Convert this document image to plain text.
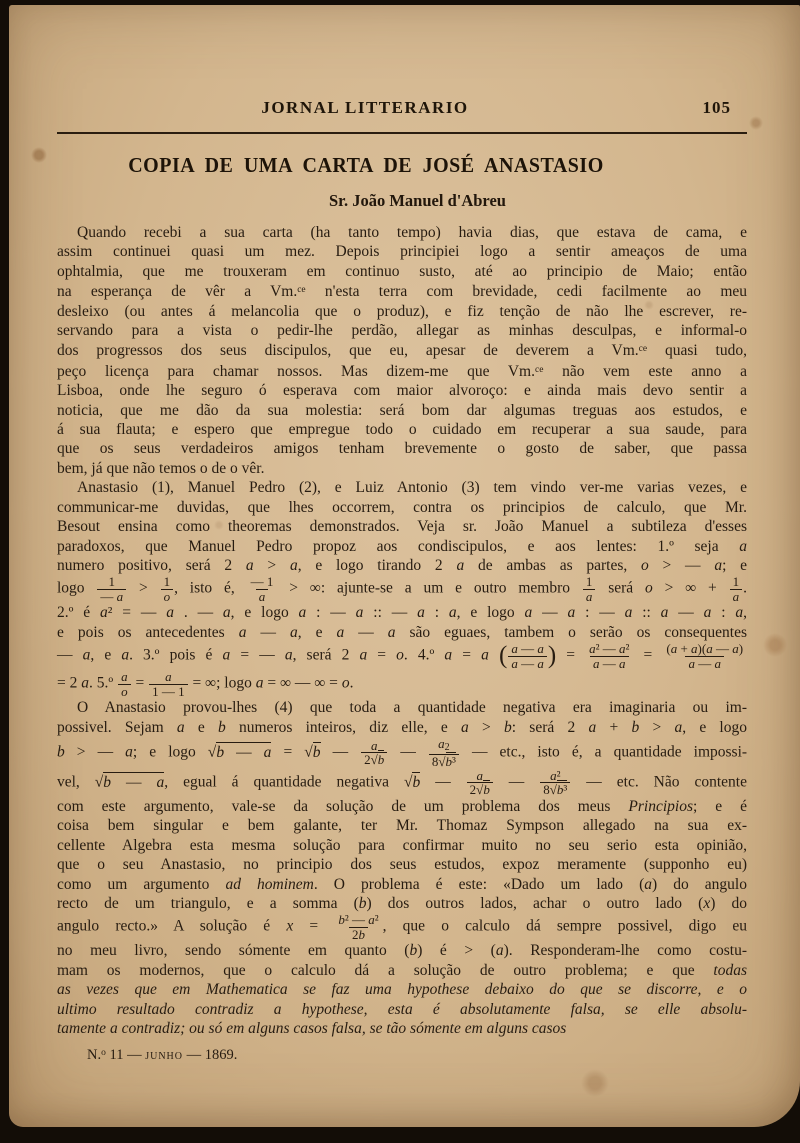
JORNAL LITTERARIO	105
COPIA DE UMA CARTA DE JOSÉ ANASTASIO
Sr. João Manuel d'Abreu
Quando recebi a sua carta (ha tanto tempo) havia dias, que estava de cama, e
assim continuei quasi um mez. Depois principiei logo a sentir ameaços de uma
ophtalmia, que me trouxeram em continuo susto, até ao principio de Maio; então
na esperança de vêr a Vm.$^{ce}$ n'esta terra com brevidade, cedi facilmente ao meu
desleixo (ou antes á melancolia que o produz), e fiz tenção de não lhe escrever, re-
servando para a vista o pedir-lhe perdão, allegar as minhas desculpas, e informal-o
dos progressos dos seus discipulos, que eu, apesar de deverem a Vm.$^{ce}$ quasi tudo,
peço licença para chamar nossos. Mas dizem-me que Vm.$^{ce}$ não vem este anno a
Lisboa, onde lhe seguro ó esperava com maior alvoroço: e ainda mais devo sentir a
noticia, que me dão da sua molestia: será bom dar algumas treguas aos estudos, e
á sua flauta; e espero que empregue todo o cuidado em recuperar a sua saude, para
que os seus verdadeiros amigos tenham brevemente o gosto de saber, que passa
bem, já que não temos o de o vêr.
Anastasio (1), Manuel Pedro (2), e Luiz Antonio (3) tem vindo ver-me varias vezes, e
communicar-me duvidas, que lhes occorrem, contra os principios de calculo, que Mr.
Besout ensina como theoremas demonstrados. Veja sr. João Manuel a subtileza d'esses
paradoxos, que Manuel Pedro propoz aos condiscipulos, e aos lentes: 1.º seja a
numero positivo, será 2 a > a, e logo tirando 2 a de ambas as partes, o > — a; e
logo $\frac{1}{— a} > \frac{1}{o}$ , isto é, $\frac{— 1}{a}$ > ∞: ajunte-se a um e outro membro $\frac{1}{a}$ será o > ∞ + $\frac{1}{a}$ .
2.º é a² = — a . — a, e logo a : — a :: — a : a, e logo a — a : — a :: a — a : a,
e pois os antecedentes a — a, e a — a são eguaes, tambem o serão os consequentes
— a, e a. 3.º pois é a = — a, será 2 a = o. 4.º a = a ( $\frac{a — a}{a — a}$ ) = $\frac{\text{a² — a²}}{a — a} = \frac{(a + a)(a — a)}{a — a}$
= 2 a. 5.º $\frac{a}{o} = \frac{a}{1 — 1}$ = ∞; logo a = ∞ — ∞ = o.
O Anastasio provou-lhes (4) que toda a quantidade negativa era imaginaria ou im-
possivel. Sejam a e b numeros inteiros, diz elle, e a > b: será 2 a + b > a, e logo
b > — a; e logo √b — a = √b — $\frac{a}{2√b}$ — $\frac{a_2}{\text{8√b³}}$ — etc., isto é, a quantidade impossi-
vel, √b — a, egual á quantidade negativa √b — $\frac{a}{2√b}$ — $\frac{\text{a²}}{\text{8√b³}}$ — etc. Não contente
com este argumento, vale-se da solução de um problema dos meus Principios; e é
coisa bem singular e bem galante, ter Mr. Thomaz Sympson allegado na sua ex-
cellente Algebra esta mesma solução para confirmar muito no seu serio esta opinião,
que o seu Anastasio, no principio dos seus estudos, expoz meramente (supponho eu)
como um argumento ad hominem. O problema é este: «Dado um lado (a) do angulo
recto de um triangulo, e a somma (b) dos outros lados, achar o outro lado (x) do
angulo recto.» A solução é $x = \frac{\text{b² — a²}}{2b}$ , que o calculo dá sempre possivel, digo eu
no meu livro, sendo sómente em quanto (b) é > (a). Responderam-lhe como costu-
mam os modernos, que o calculo dá a solução de outro problema; e que todas
as vezes que em Mathematica se faz uma hypothese debaixo do que se discorre, e o
ultimo resultado contradiz a hypothese, esta é absolutamente falsa, se elle absolu-
tamente a contradiz; ou só em alguns casos falsa, se tão sómente em alguns casos
N.$^o$ 11 — junho — 1869.
